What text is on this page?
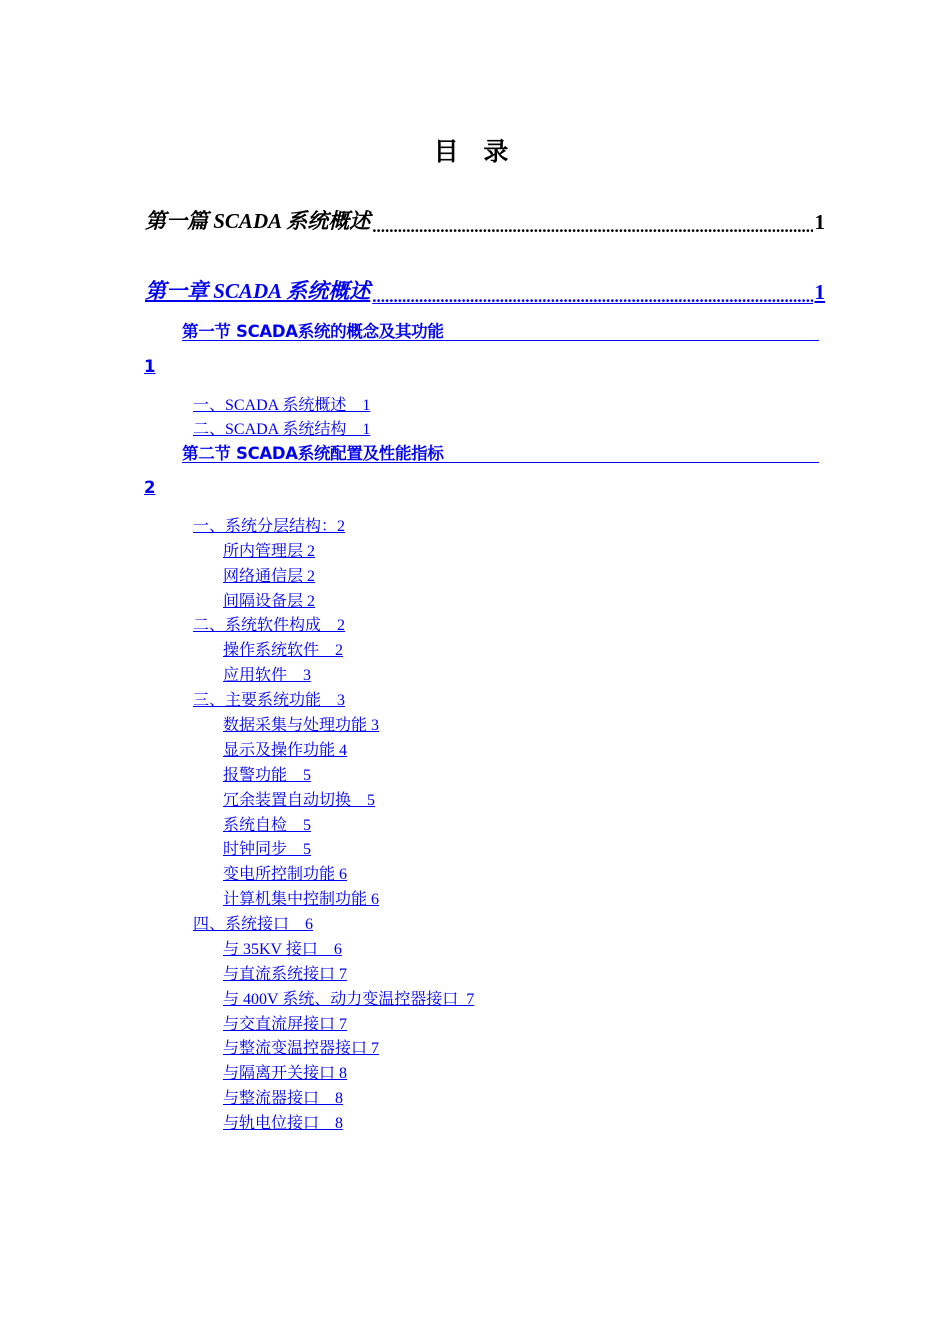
目 录
第一篇 SCADA 系统概述 .....	1
第一章 SCADA 系统概述 .....	1
第一节 SCADA系统的概念及其功能
1
一、SCADA 系统概述    1
二、SCADA 系统结构    1
第二节 SCADA系统配置及性能指标
2
一、系统分层结构：2
所内管理层 2
网络通信层 2
间隔设备层 2
二、系统软件构成    2
操作系统软件    2
应用软件    3
三、主要系统功能    3
数据采集与处理功能 3
显示及操作功能 4
报警功能    5
冗余装置自动切换    5
系统自检    5
时钟同步    5
变电所控制功能 6
计算机集中控制功能 6
四、系统接口    6
与 35KV 接口    6
与直流系统接口 7
与 400V 系统、动力变温控器接口  7
与交直流屏接口 7
与整流变温控器接口 7
与隔离开关接口 8
与整流器接口    8
与轨电位接口    8
